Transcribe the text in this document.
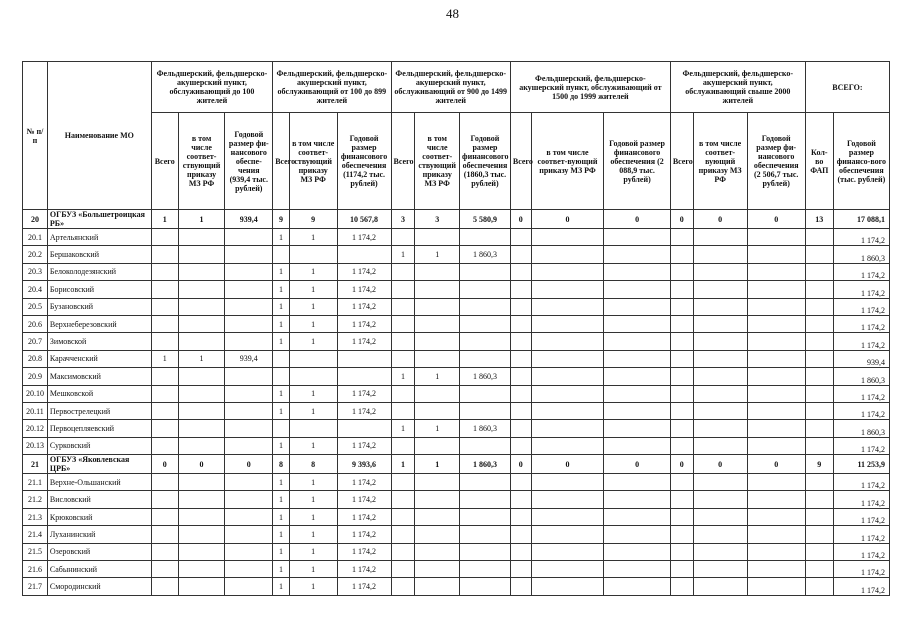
48
№ п/п	Наименование МО	Фельдшерский, фельдшерско-акушерский пункт, обслуживающий до 100 жителей			Фельдшерский, фельдшерско-акушерский пункт, обслуживающий от 100 до 899 жителей			Фельдшерский, фельдшерско-акушерский пункт, обслуживающий от 900 до 1499 жителей			Фельдшерский, фельдшерско-акушерский пункт, обслуживающий от 1500 до 1999 жителей			Фельдшерский, фельдшерско-акушерский пункт, обслуживающий свыше 2000 жителей			ВСЕГО:	
		Всего	в том числе соответ-ствующий приказу МЗ РФ	Годовой размер фи-нансового обеспе-чения (939,4 тыс. рублей)	Всего	в том числе соответ-ствующий приказу МЗ РФ	Годовой размер финансового обеспечения (1174,2 тыс. рублей)	Всего	в том числе соответ-ствующий приказу МЗ РФ	Годовой размер финансового обеспечения (1860,3 тыс. рублей)	Всего	в том числе соответ-вующий приказу МЗ РФ	Годовой размер финансового обеспечения (2 088,9 тыс. рублей)	Всего	в том числе соответ-вующий приказу МЗ РФ	Годовой размер фи-нансового обеспечения (2 506,7 тыс. рублей)	Кол-во ФАП	Годовой размер финансо-вого обеспечения (тыс. рублей)
20	ОГБУЗ «Большетроицкая РБ»	1	1	939,4	9	9	10 567,8	3	3	5 580,9	0	0	0	0	0	0	13	17 088,1
20.1	Артельянский				1	1	1 174,2											1 174,2
20.2	Бершаковский							1	1	1 860,3								1 860,3
20.3	Белоколодезянский				1	1	1 174,2											1 174,2
20.4	Борисовский				1	1	1 174,2											1 174,2
20.5	Бузановский				1	1	1 174,2											1 174,2
20.6	Верхнеберезовский				1	1	1 174,2											1 174,2
20.7	Зимовской				1	1	1 174,2											1 174,2
20.8	Карачченский	1	1	939,4														939,4
20.9	Максимовский							1	1	1 860,3								1 860,3
20.10	Мешковской				1	1	1 174,2											1 174,2
20.11	Первострелецкий				1	1	1 174,2											1 174,2
20.12	Первоцепляевский							1	1	1 860,3								1 860,3
20.13	Сурковский				1	1	1 174,2											1 174,2
21	ОГБУЗ «Яковлевская ЦРБ»	0	0	0	8	8	9 393,6	1	1	1 860,3	0	0	0	0	0	0	9	11 253,9
21.1	Верхне-Ольшанский				1	1	1 174,2											1 174,2
21.2	Висловский				1	1	1 174,2											1 174,2
21.3	Крюковский				1	1	1 174,2											1 174,2
21.4	Луханинский				1	1	1 174,2											1 174,2
21.5	Озеровский				1	1	1 174,2											1 174,2
21.6	Сабынинский				1	1	1 174,2											1 174,2
21.7	Смородинский				1	1	1 174,2											1 174,2
